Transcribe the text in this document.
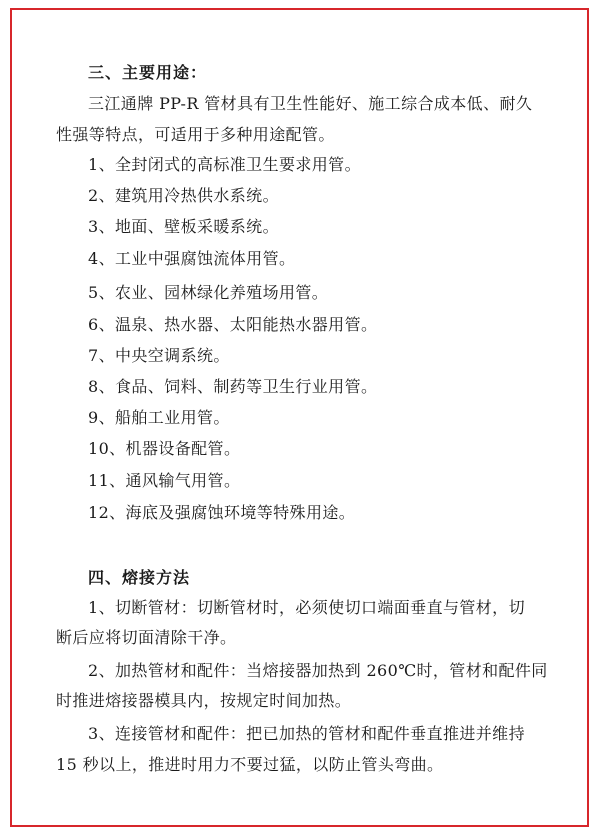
三、主要用途：
三江通牌 PP-R 管材具有卫生性能好、施工综合成本低、耐久
性强等特点，可适用于多种用途配管。
1、全封闭式的高标准卫生要求用管。
2、建筑用冷热供水系统。
3、地面、壁板采暖系统。
4、工业中强腐蚀流体用管。
5、农业、园林绿化养殖场用管。
6、温泉、热水器、太阳能热水器用管。
7、中央空调系统。
8、食品、饲料、制药等卫生行业用管。
9、船舶工业用管。
10、机器设备配管。
11、通风输气用管。
12、海底及强腐蚀环境等特殊用途。
四、熔接方法
1、切断管材：切断管材时，必须使切口端面垂直与管材，切
断后应将切面清除干净。
2、加热管材和配件：当熔接器加热到 260℃时，管材和配件同
时推进熔接器模具内，按规定时间加热。
3、连接管材和配件：把已加热的管材和配件垂直推进并维持
15 秒以上，推进时用力不要过猛，以防止管头弯曲。
